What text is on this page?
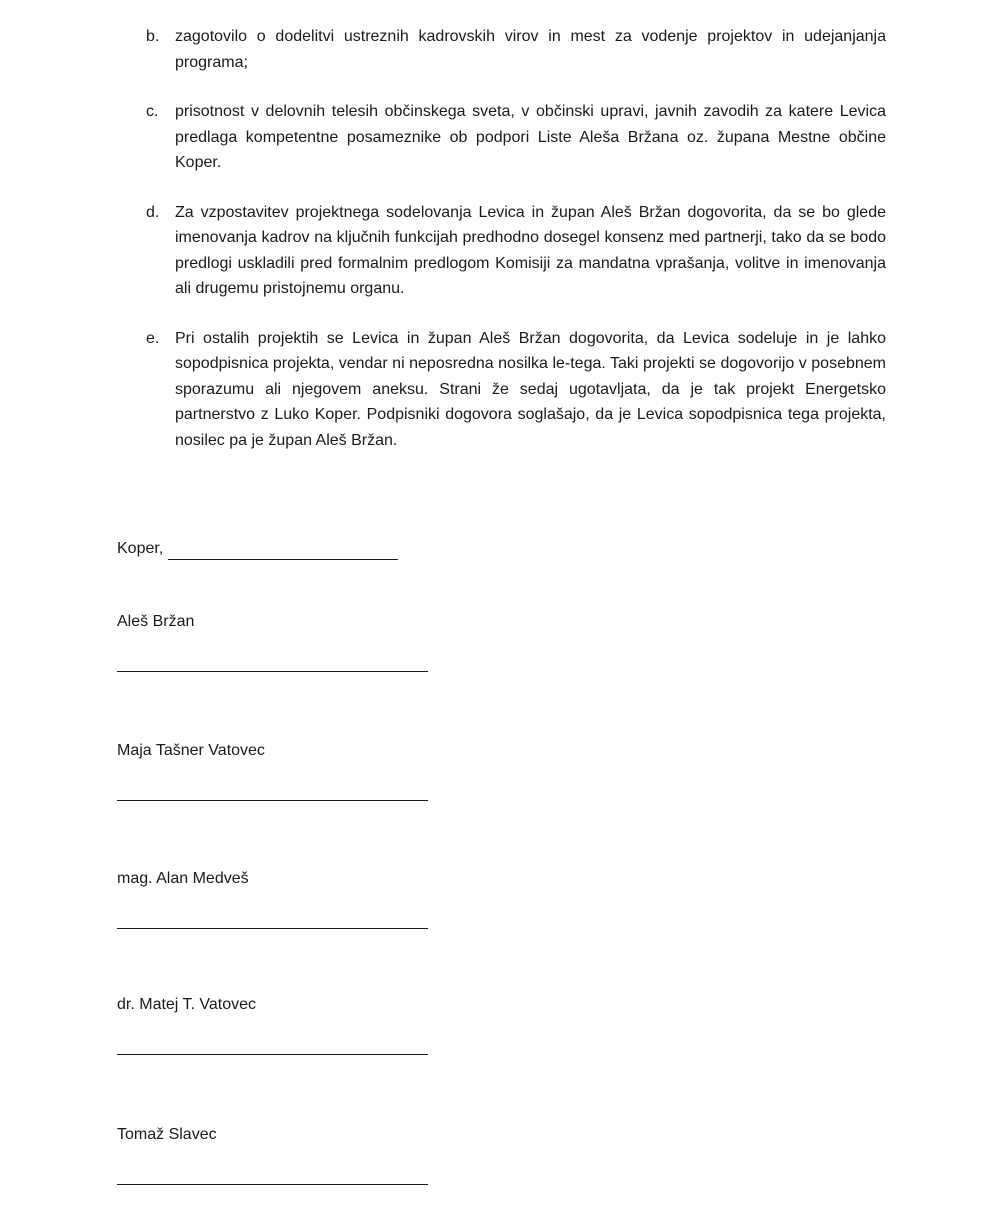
b. zagotovilo o dodelitvi ustreznih kadrovskih virov in mest za vodenje projektov in udejanjanja programa;
c.	prisotnost v delovnih telesih občinskega sveta, v občinski upravi, javnih zavodih za katere Levica predlaga kompetentne posameznike ob podpori Liste Aleša Bržana oz. župana Mestne občine Koper.
d. Za vzpostavitev projektnega sodelovanja Levica in župan Aleš Bržan dogovorita, da se bo glede imenovanja kadrov na ključnih funkcijah predhodno dosegel konsenz med partnerji, tako da se bodo predlogi uskladili pred formalnim predlogom Komisiji za mandatna vprašanja, volitve in imenovanja ali drugemu pristojnemu organu.
e. Pri ostalih projektih se Levica in župan Aleš Bržan dogovorita, da Levica sodeluje in je lahko sopodpisnica projekta, vendar ni neposredna nosilka le-tega. Taki projekti se dogovorijo v posebnem sporazumu ali njegovem aneksu. Strani že sedaj ugotavljata, da je tak projekt Energetsko partnerstvo z Luko Koper. Podpisniki dogovora soglašajo, da je Levica sopodpisnica tega projekta, nosilec pa je župan Aleš Bržan.
Koper,
Aleš Bržan
Maja Tašner Vatovec
mag. Alan Medveš
dr. Matej T. Vatovec
Tomaž Slavec
